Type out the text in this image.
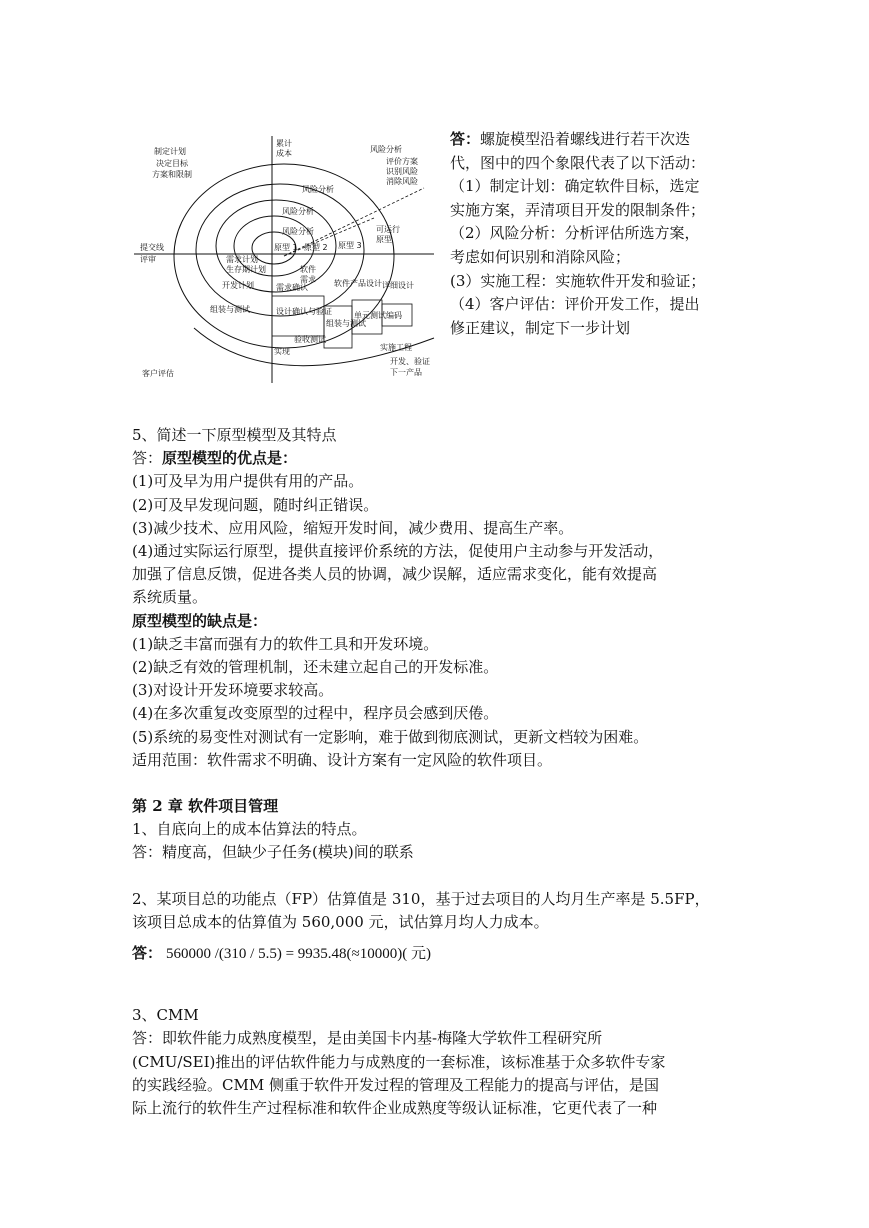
制定计划
决定目标
方案和限制
累计
成本	风险分析
评价方案
识别风险
消除风险
风险分析
风险分析
风险分析	可运行
原型
原型 1 原型 2 原型 3
提交线
评审	需求计划
生存期计划
开发计划
软件
需求 软件产品设计 详细设计
需求确认
组装与测试	设计确认与验证	单元测试 编码
组装与测试
验收测试
实现	实施工程
开发、验证
下一产品
客户评估

答：螺旋模型沿着螺线进行若干次迭

代，图中的四个象限代表了以下活动：

（1）制定计划：确定软件目标，选定

实施方案，弄清项目开发的限制条件；

（2）风险分析：分析评估所选方案，

考虑如何识别和消除风险；

(3）实施工程：实施软件开发和验证；

（4）客户评估：评价开发工作，提出

修正建议，制定下一步计划

5、简述一下原型模型及其特点

答：原型模型的优点是：

(1)可及早为用户提供有用的产品。

(2)可及早发现问题，随时纠正错误。

(3)减少技术、应用风险，缩短开发时间，减少费用、提高生产率。

(4)通过实际运行原型，提供直接评价系统的方法，促使用户主动参与开发活动，

加强了信息反馈，促进各类人员的协调，减少误解，适应需求变化，能有效提高

系统质量。

原型模型的缺点是：

(1)缺乏丰富而强有力的软件工具和开发环境。

(2)缺乏有效的管理机制，还未建立起自己的开发标准。

(3)对设计开发环境要求较高。

(4)在多次重复改变原型的过程中，程序员会感到厌倦。

(5)系统的易变性对测试有一定影响，难于做到彻底测试，更新文档较为困难。

适用范围：软件需求不明确、设计方案有一定风险的软件项目。

第 2 章 软件项目管理

1、自底向上的成本估算法的特点。

答：精度高，但缺少子任务(模块)间的联系

2、某项目总的功能点（FP）估算值是 310，基于过去项目的人均月生产率是 5.5FP，

该项目总成本的估算值为 560,000 元，试估算月均人力成本。

答： 560000 /(310 / 5.5) = 9935.48(≈10000)( 元)

3、CMM

答：即软件能力成熟度模型，是由美国卡内基-梅隆大学软件工程研究所

(CMU/SEI)推出的评估软件能力与成熟度的一套标准，该标准基于众多软件专家

的实践经验。CMM 侧重于软件开发过程的管理及工程能力的提高与评估，是国

际上流行的软件生产过程标准和软件企业成熟度等级认证标准，它更代表了一种
